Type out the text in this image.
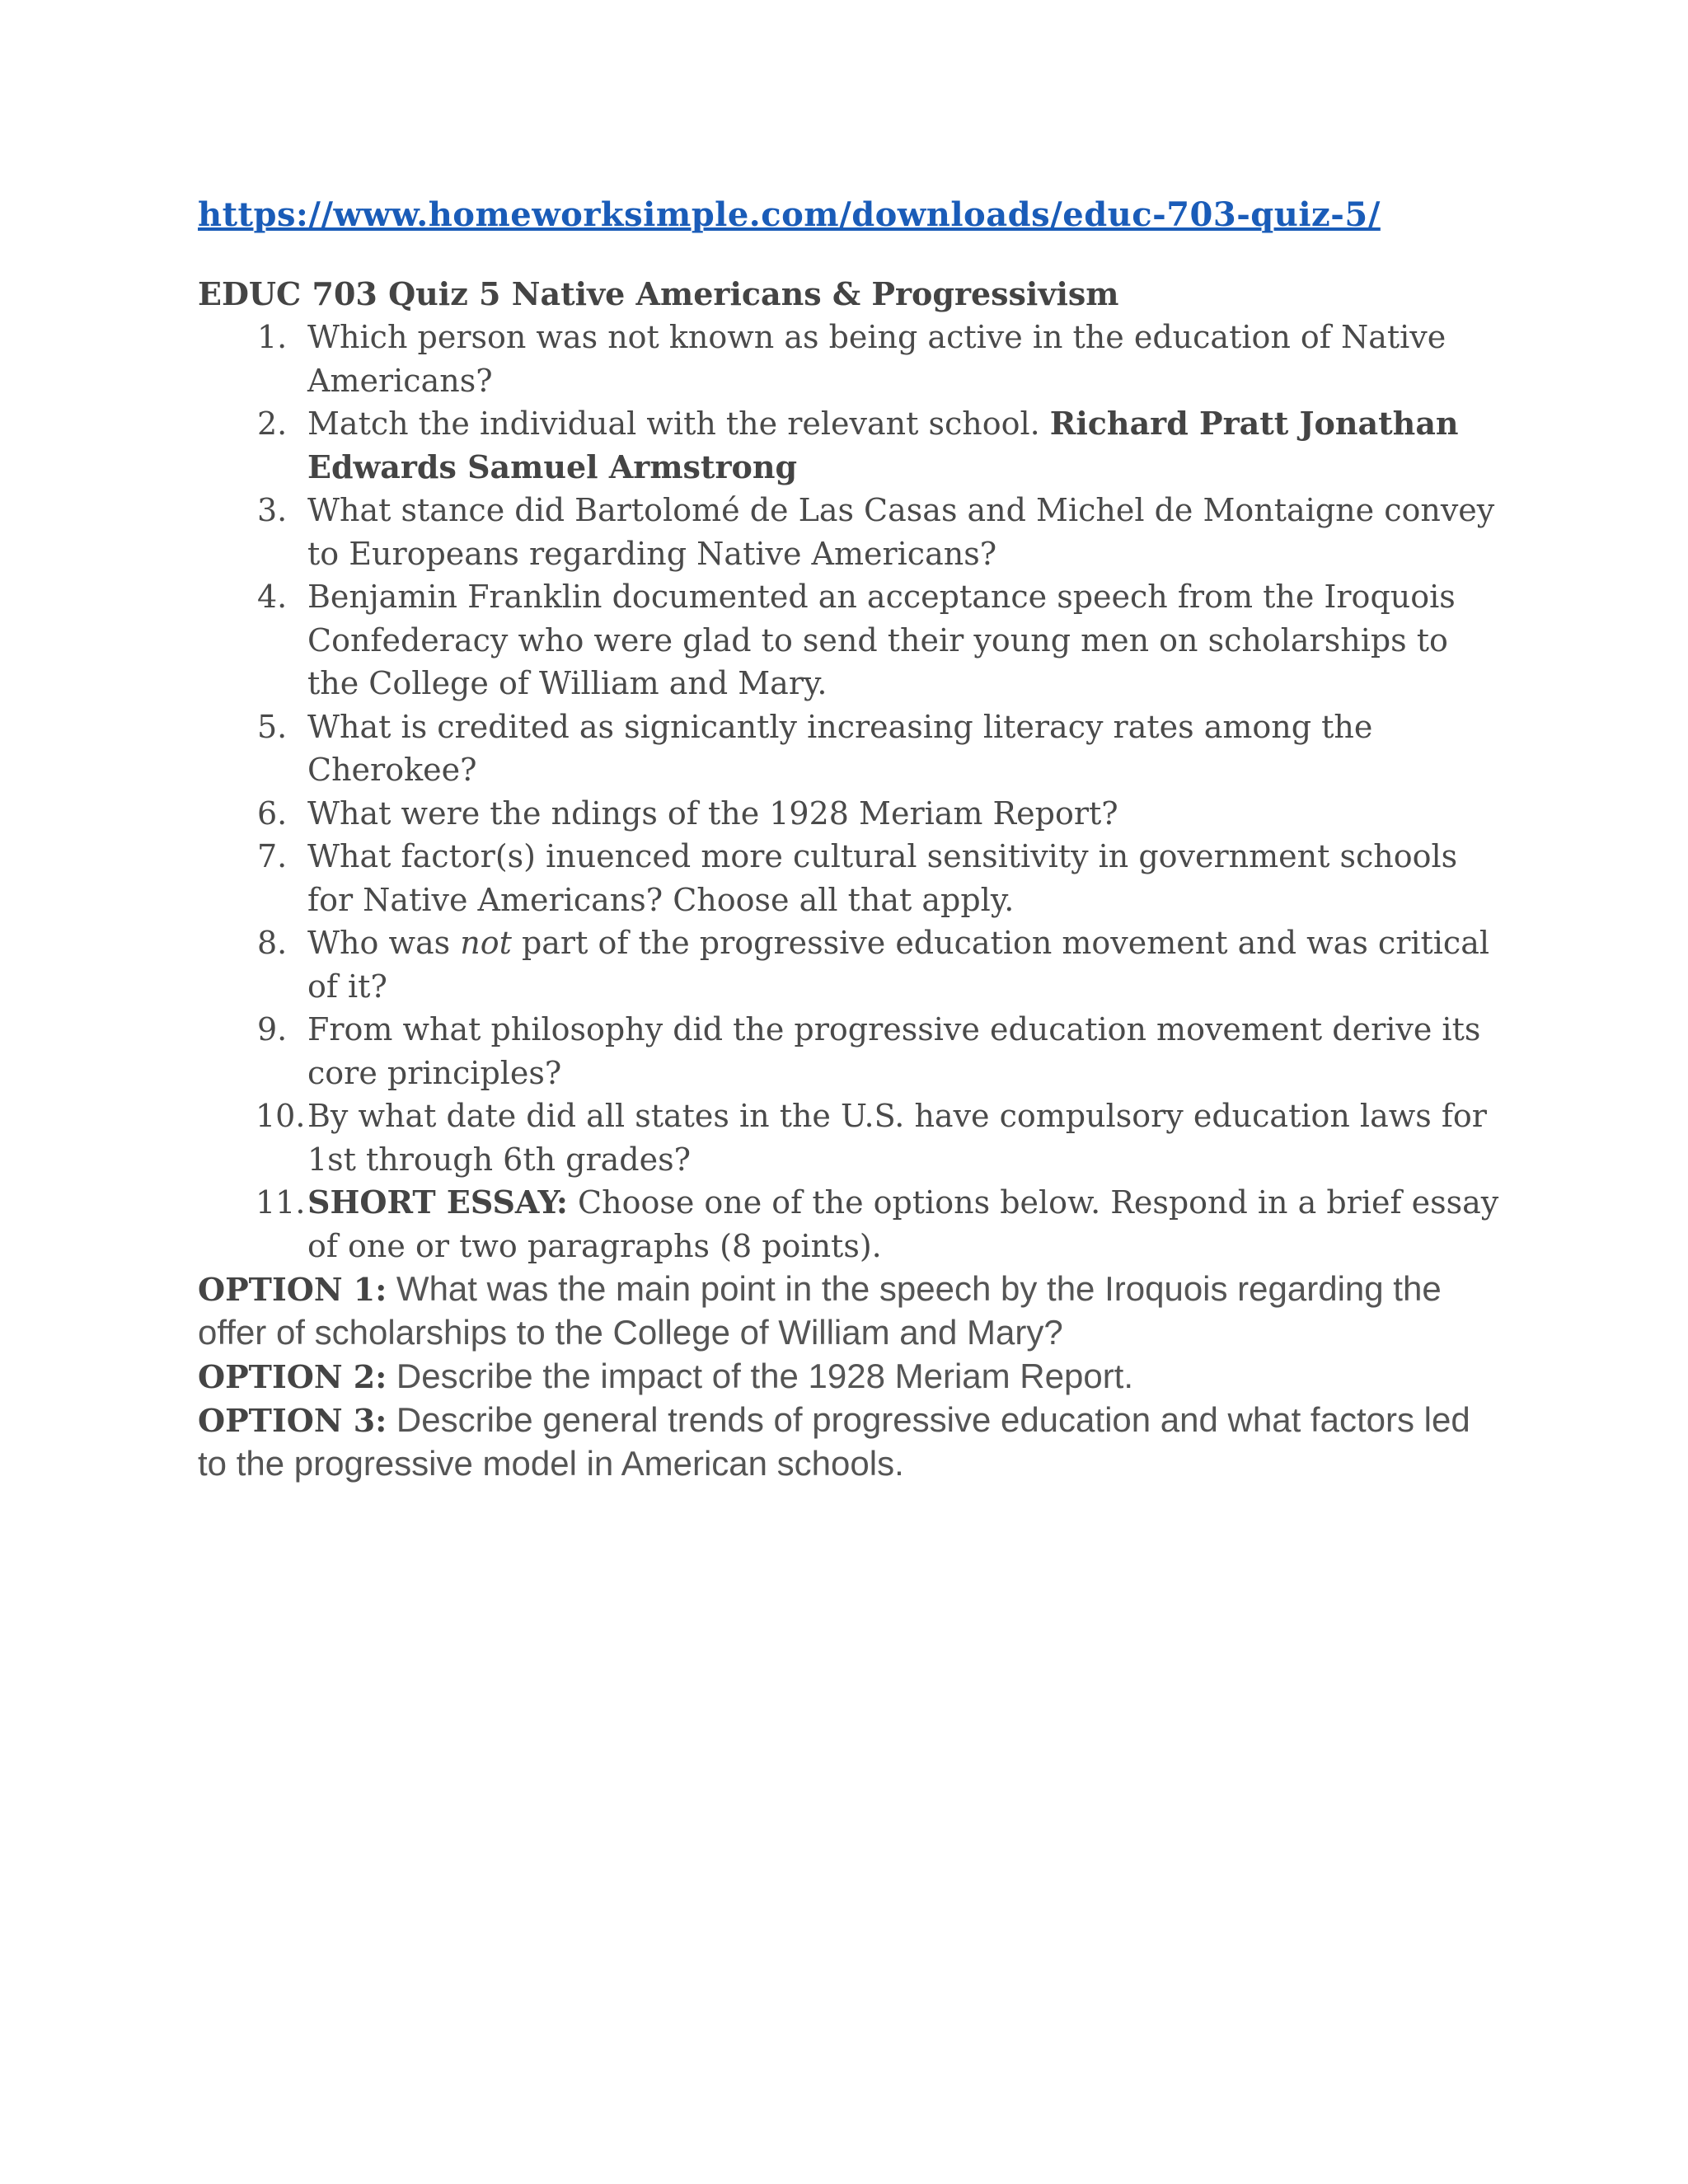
https://www.homeworksimple.com/downloads/educ-703-quiz-5/
EDUC 703 Quiz 5 Native Americans & Progressivism
1. Which person was not known as being active in the education of Native Americans?
2. Match the individual with the relevant school. Richard Pratt Jonathan Edwards Samuel Armstrong
3. What stance did Bartolomé de Las Casas and Michel de Montaigne convey to Europeans regarding Native Americans?
4. Benjamin Franklin documented an acceptance speech from the Iroquois Confederacy who were glad to send their young men on scholarships to the College of William and Mary.
5. What is credited as signicantly increasing literacy rates among the Cherokee?
6. What were the ndings of the 1928 Meriam Report?
7. What factor(s) inuenced more cultural sensitivity in government schools for Native Americans? Choose all that apply.
8. Who was not part of the progressive education movement and was critical of it?
9. From what philosophy did the progressive education movement derive its core principles?
10. By what date did all states in the U.S. have compulsory education laws for 1st through 6th grades?
11. SHORT ESSAY: Choose one of the options below. Respond in a brief essay of one or two paragraphs (8 points).
OPTION 1: What was the main point in the speech by the Iroquois regarding the offer of scholarships to the College of William and Mary?
OPTION 2: Describe the impact of the 1928 Meriam Report.
OPTION 3: Describe general trends of progressive education and what factors led to the progressive model in American schools.
